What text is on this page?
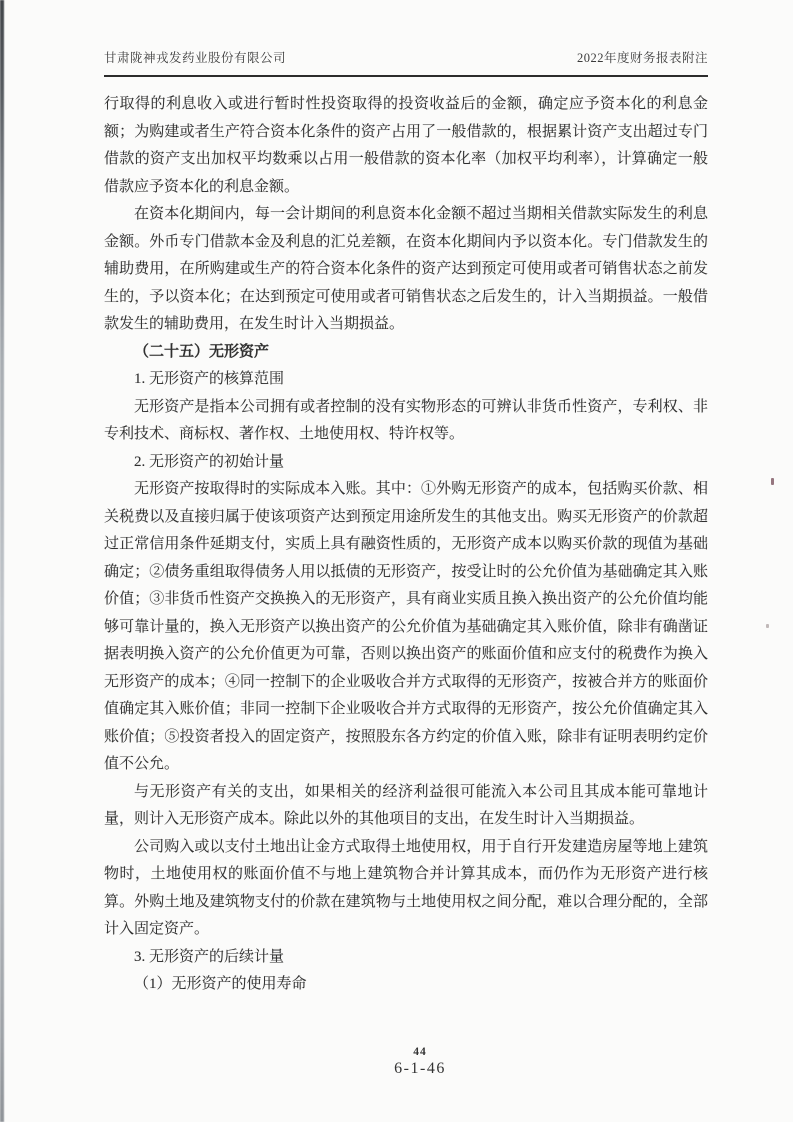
甘肃陇神戎发药业股份有限公司	2022年度财务报表附注

行取得的利息收入或进行暂时性投资取得的投资收益后的金额，确定应予资本化的利息金额；为购建或者生产符合资本化条件的资产占用了一般借款的，根据累计资产支出超过专门借款的资产支出加权平均数乘以占用一般借款的资本化率（加权平均利率），计算确定一般借款应予资本化的利息金额。

在资本化期间内，每一会计期间的利息资本化金额不超过当期相关借款实际发生的利息金额。外币专门借款本金及利息的汇兑差额，在资本化期间内予以资本化。专门借款发生的辅助费用，在所购建或生产的符合资本化条件的资产达到预定可使用或者可销售状态之前发生的，予以资本化；在达到预定可使用或者可销售状态之后发生的，计入当期损益。一般借款发生的辅助费用，在发生时计入当期损益。

（二十五）无形资产

1. 无形资产的核算范围

无形资产是指本公司拥有或者控制的没有实物形态的可辨认非货币性资产，专利权、非专利技术、商标权、著作权、土地使用权、特许权等。

2. 无形资产的初始计量

无形资产按取得时的实际成本入账。其中：①外购无形资产的成本，包括购买价款、相关税费以及直接归属于使该项资产达到预定用途所发生的其他支出。购买无形资产的价款超过正常信用条件延期支付，实质上具有融资性质的，无形资产成本以购买价款的现值为基础确定；②债务重组取得债务人用以抵债的无形资产，按受让时的公允价值为基础确定其入账价值；③非货币性资产交换换入的无形资产，具有商业实质且换入换出资产的公允价值均能够可靠计量的，换入无形资产以换出资产的公允价值为基础确定其入账价值，除非有确凿证据表明换入资产的公允价值更为可靠，否则以换出资产的账面价值和应支付的税费作为换入无形资产的成本；④同一控制下的企业吸收合并方式取得的无形资产，按被合并方的账面价值确定其入账价值；非同一控制下企业吸收合并方式取得的无形资产，按公允价值确定其入账价值；⑤投资者投入的固定资产，按照股东各方约定的价值入账，除非有证明表明约定价值不公允。

与无形资产有关的支出，如果相关的经济利益很可能流入本公司且其成本能可靠地计量，则计入无形资产成本。除此以外的其他项目的支出，在发生时计入当期损益。

公司购入或以支付土地出让金方式取得土地使用权，用于自行开发建造房屋等地上建筑物时，土地使用权的账面价值不与地上建筑物合并计算其成本，而仍作为无形资产进行核算。外购土地及建筑物支付的价款在建筑物与土地使用权之间分配，难以合理分配的，全部计入固定资产。

3. 无形资产的后续计量

（1）无形资产的使用寿命

44
6-1-46
